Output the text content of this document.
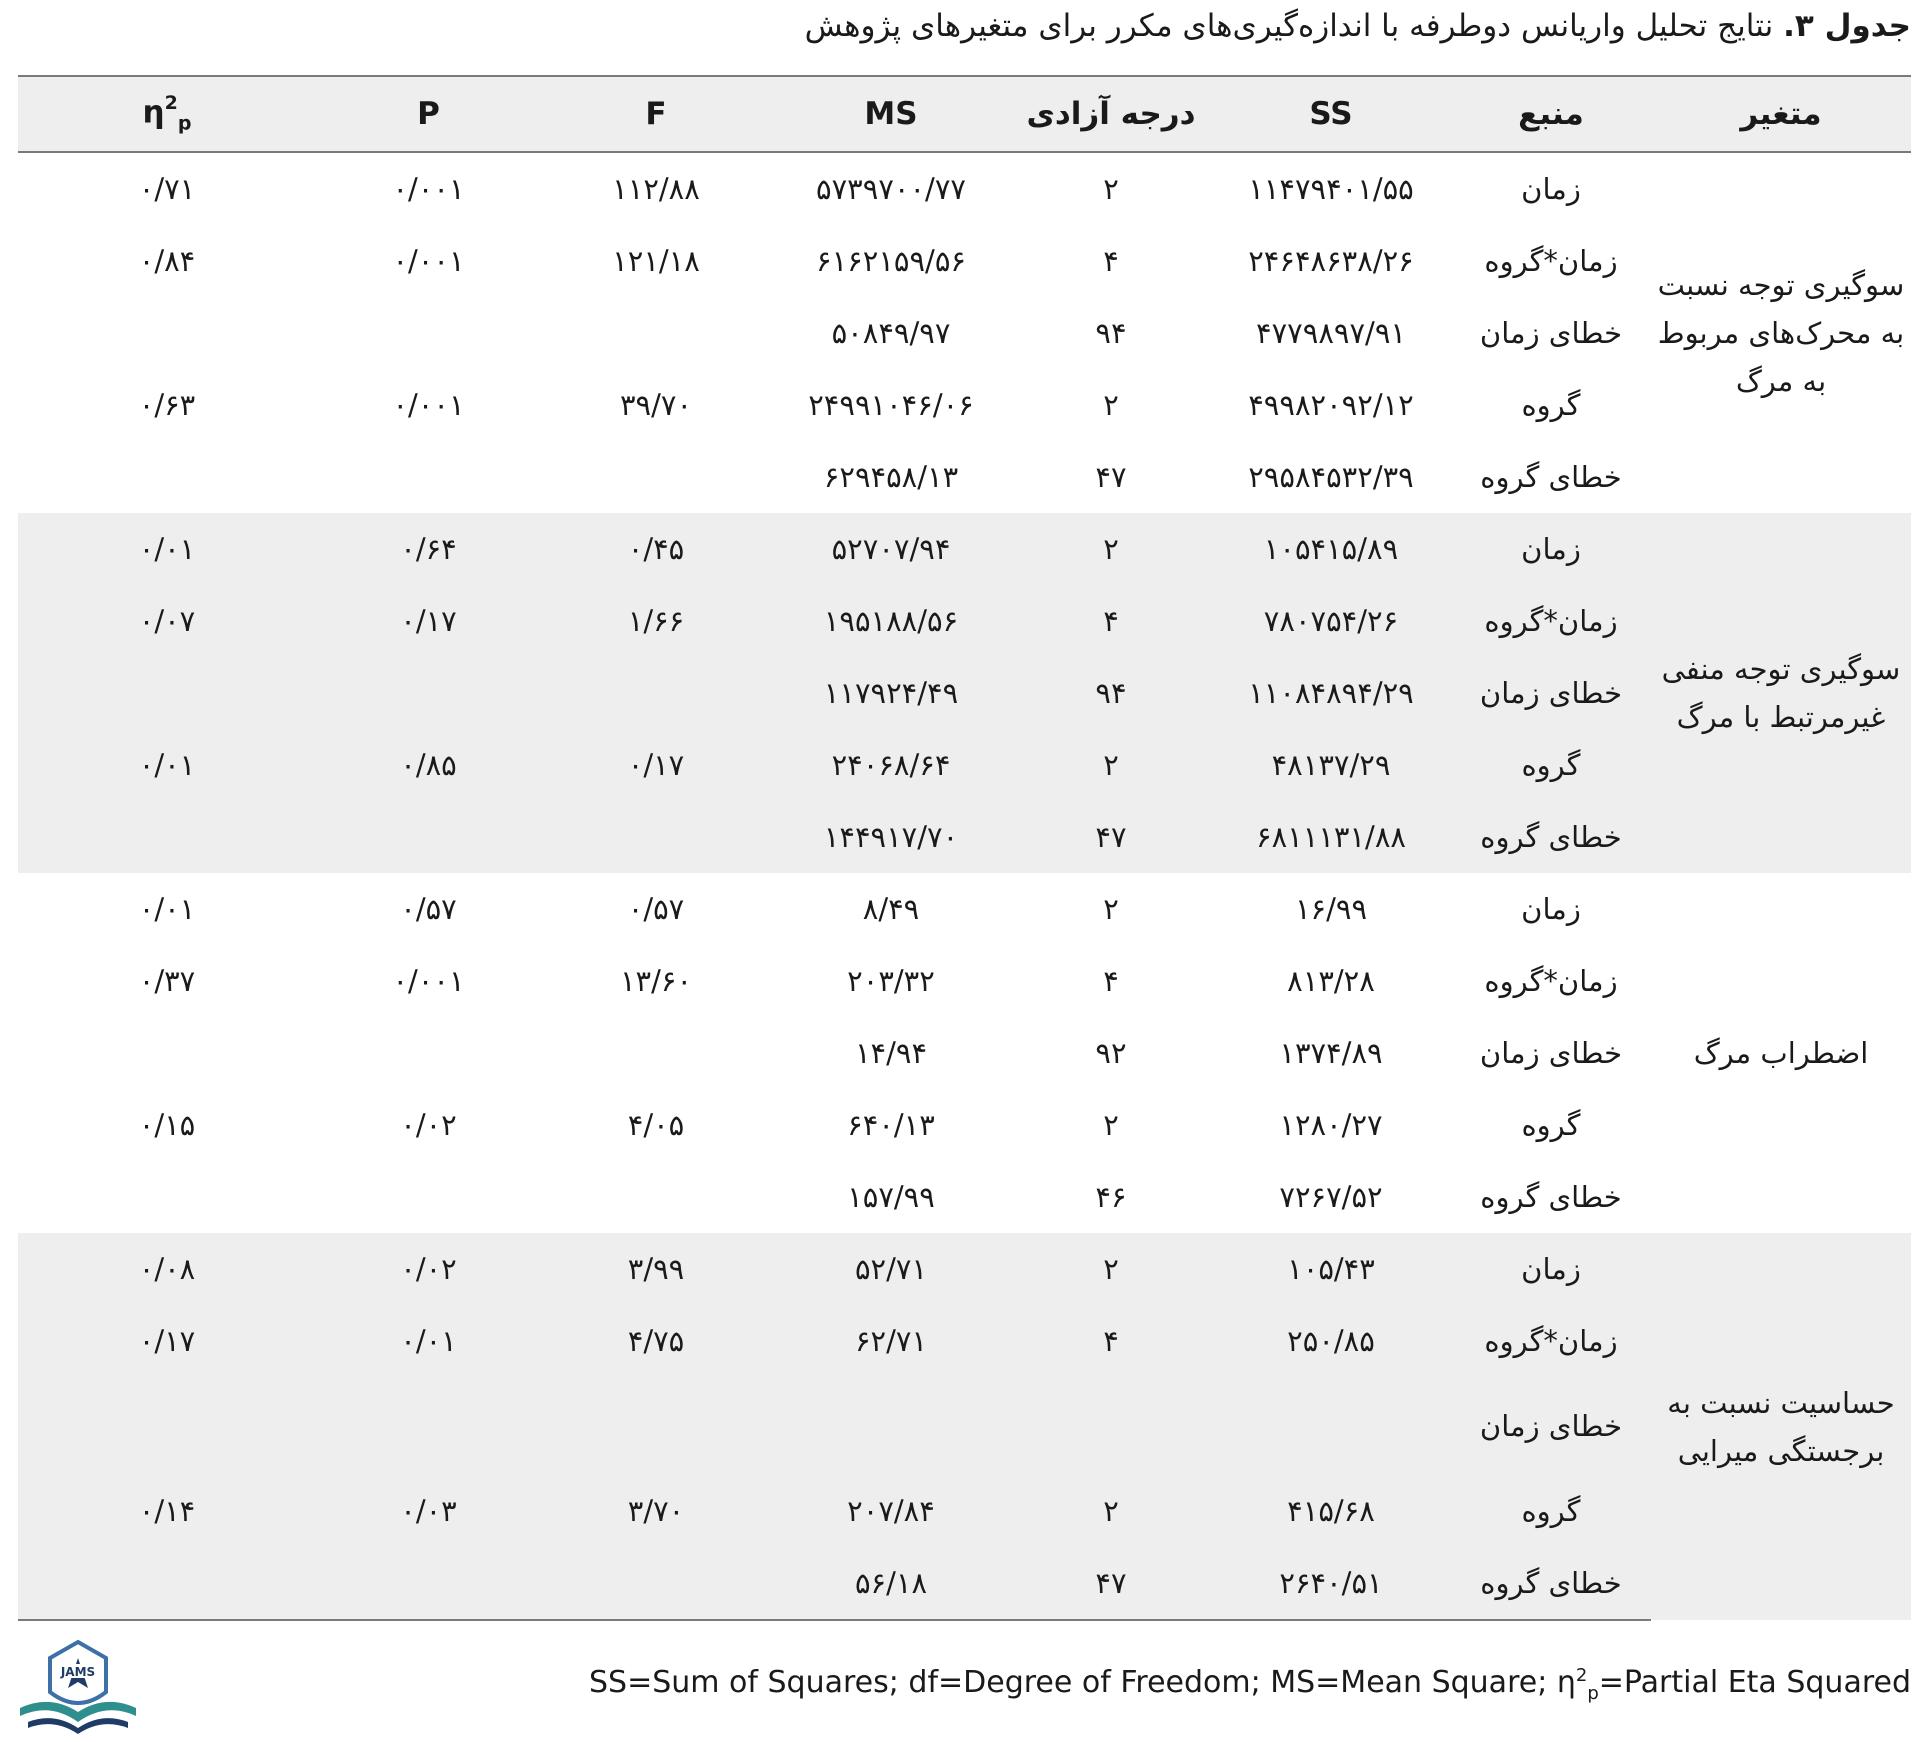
جدول ۳. نتایج تحلیل واریانس دوطرفه با اندازه‌گیری‌های مکرر برای متغیرهای پژوهش
متغیر	منبع	SS	درجه آزادی	MS	F	P	$\eta^2_p$

سوگیری توجه نسبت
به محرک‌های مربوط
به مرگ	زمان	۱۱۴۷۹۴۰۱/۵۵	۲	۵۷۳۹۷۰۰/۷۷	۱۱۲/۸۸	۰/۰۰۱	۰/۷۱
	زمان*گروه	۲۴۶۴۸۶۳۸/۲۶	۴	۶۱۶۲۱۵۹/۵۶	۱۲۱/۱۸	۰/۰۰۱	۰/۸۴
	خطای زمان	۴۷۷۹۸۹۷/۹۱	۹۴	۵۰۸۴۹/۹۷			
	گروه	۴۹۹۸۲۰۹۲/۱۲	۲	۲۴۹۹۱۰۴۶/۰۶	۳۹/۷۰	۰/۰۰۱	۰/۶۳
	خطای گروه	۲۹۵۸۴۵۳۲/۳۹	۴۷	۶۲۹۴۵۸/۱۳			

سوگیری توجه منفی
غیرمرتبط با مرگ	زمان	۱۰۵۴۱۵/۸۹	۲	۵۲۷۰۷/۹۴	۰/۴۵	۰/۶۴	۰/۰۱
	زمان*گروه	۷۸۰۷۵۴/۲۶	۴	۱۹۵۱۸۸/۵۶	۱/۶۶	۰/۱۷	۰/۰۷
	خطای زمان	۱۱۰۸۴۸۹۴/۲۹	۹۴	۱۱۷۹۲۴/۴۹			
	گروه	۴۸۱۳۷/۲۹	۲	۲۴۰۶۸/۶۴	۰/۱۷	۰/۸۵	۰/۰۱
	خطای گروه	۶۸۱۱۱۳۱/۸۸	۴۷	۱۴۴۹۱۷/۷۰			

اضطراب مرگ	زمان	۱۶/۹۹	۲	۸/۴۹	۰/۵۷	۰/۵۷	۰/۰۱
	زمان*گروه	۸۱۳/۲۸	۴	۲۰۳/۳۲	۱۳/۶۰	۰/۰۰۱	۰/۳۷
	خطای زمان	۱۳۷۴/۸۹	۹۲	۱۴/۹۴			
	گروه	۱۲۸۰/۲۷	۲	۶۴۰/۱۳	۴/۰۵	۰/۰۲	۰/۱۵
	خطای گروه	۷۲۶۷/۵۲	۴۶	۱۵۷/۹۹			

حساسیت نسبت به
برجستگی میرایی	زمان	۱۰۵/۴۳	۲	۵۲/۷۱	۳/۹۹	۰/۰۲	۰/۰۸
	زمان*گروه	۲۵۰/۸۵	۴	۶۲/۷۱	۴/۷۵	۰/۰۱	۰/۱۷
	خطای زمان						
	گروه	۴۱۵/۶۸	۲	۲۰۷/۸۴	۳/۷۰	۰/۰۳	۰/۱۴
	خطای گروه	۲۶۴۰/۵۱	۴۷	۵۶/۱۸			
SS=Sum of Squares; df=Degree of Freedom; MS=Mean Square; $\eta^2_p=Partial$ Eta Squared
JAMS
